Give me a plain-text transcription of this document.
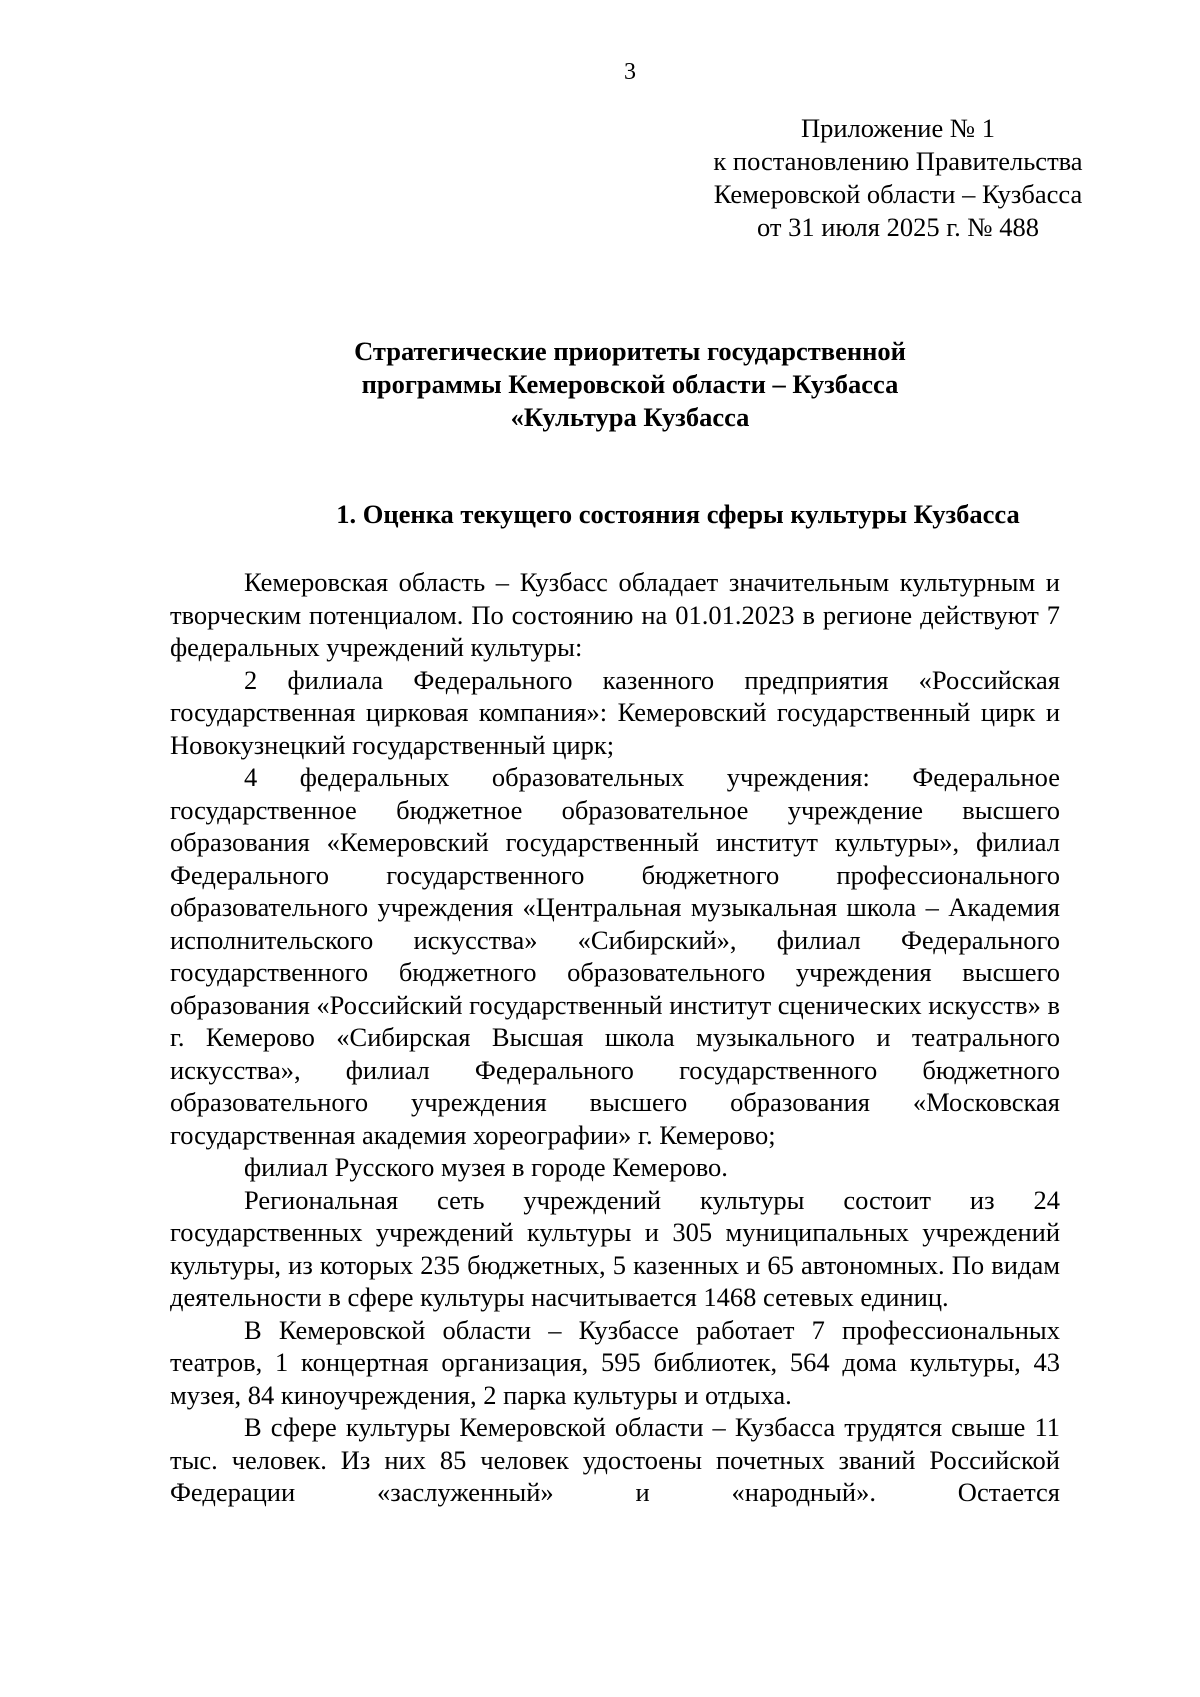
3
Приложение № 1
к постановлению Правительства
Кемеровской области – Кузбасса
от 31 июля 2025 г. № 488
Стратегические приоритеты государственной
программы Кемеровской области – Кузбасса
«Культура Кузбасса
1. Оценка текущего состояния сферы культуры Кузбасса

Кемеровская область – Кузбасс обладает значительным культурным и творческим потенциалом. По состоянию на 01.01.2023 в регионе действуют 7 федеральных учреждений культуры:

2 филиала Федерального казенного предприятия «Российская государственная цирковая компания»: Кемеровский государственный цирк и Новокузнецкий государственный цирк;

4 федеральных образовательных учреждения: Федеральное государственное бюджетное образовательное учреждение высшего образования «Кемеровский государственный институт культуры», филиал Федерального государственного бюджетного профессионального образовательного учреждения «Центральная музыкальная школа – Академия исполнительского искусства» «Сибирский», филиал Федерального государственного бюджетного образовательного учреждения высшего образования «Российский государственный институт сценических искусств» в г. Кемерово «Сибирская Высшая школа музыкального и театрального искусства», филиал Федерального государственного бюджетного образовательного учреждения высшего образования «Московская государственная академия хореографии» г. Кемерово;

филиал Русского музея в городе Кемерово.

Региональная сеть учреждений культуры состоит из 24 государственных учреждений культуры и 305 муниципальных учреждений культуры, из которых 235 бюджетных, 5 казенных и 65 автономных. По видам деятельности в сфере культуры насчитывается 1468 сетевых единиц.

В Кемеровской области – Кузбассе работает 7 профессиональных театров, 1 концертная организация, 595 библиотек, 564 дома культуры, 43 музея, 84 киноучреждения, 2 парка культуры и отдыха.

В сфере культуры Кемеровской области – Кузбасса трудятся свыше 11 тыс. человек. Из них 85 человек удостоены почетных званий Российской Федерации «заслуженный» и «народный». Остается
